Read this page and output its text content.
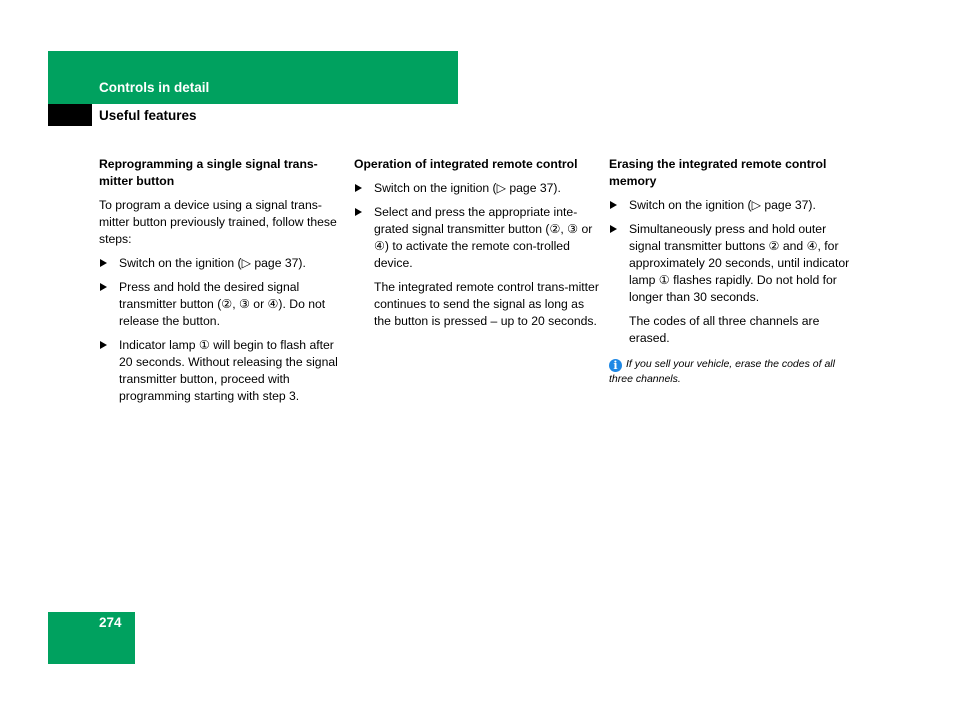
Controls in detail
Useful features
Reprogramming a single signal trans-mitter button
To program a device using a signal trans-mitter button previously trained, follow these steps:
Switch on the ignition (▷ page 37).
Press and hold the desired signal transmitter button (②, ③ or ④). Do not release the button.
Indicator lamp ① will begin to flash after 20 seconds. Without releasing the signal transmitter button, proceed with programming starting with step 3.
Operation of integrated remote control
Switch on the ignition (▷ page 37).
Select and press the appropriate inte-grated signal transmitter button (②, ③ or ④) to activate the remote con-trolled device.
The integrated remote control trans-mitter continues to send the signal as long as the button is pressed – up to 20 seconds.
Erasing the integrated remote control memory
Switch on the ignition (▷ page 37).
Simultaneously press and hold outer signal transmitter buttons ② and ④, for approximately 20 seconds, until indicator lamp ① flashes rapidly. Do not hold for longer than 30 seconds.
The codes of all three channels are erased.
i If you sell your vehicle, erase the codes of all three channels.
274
